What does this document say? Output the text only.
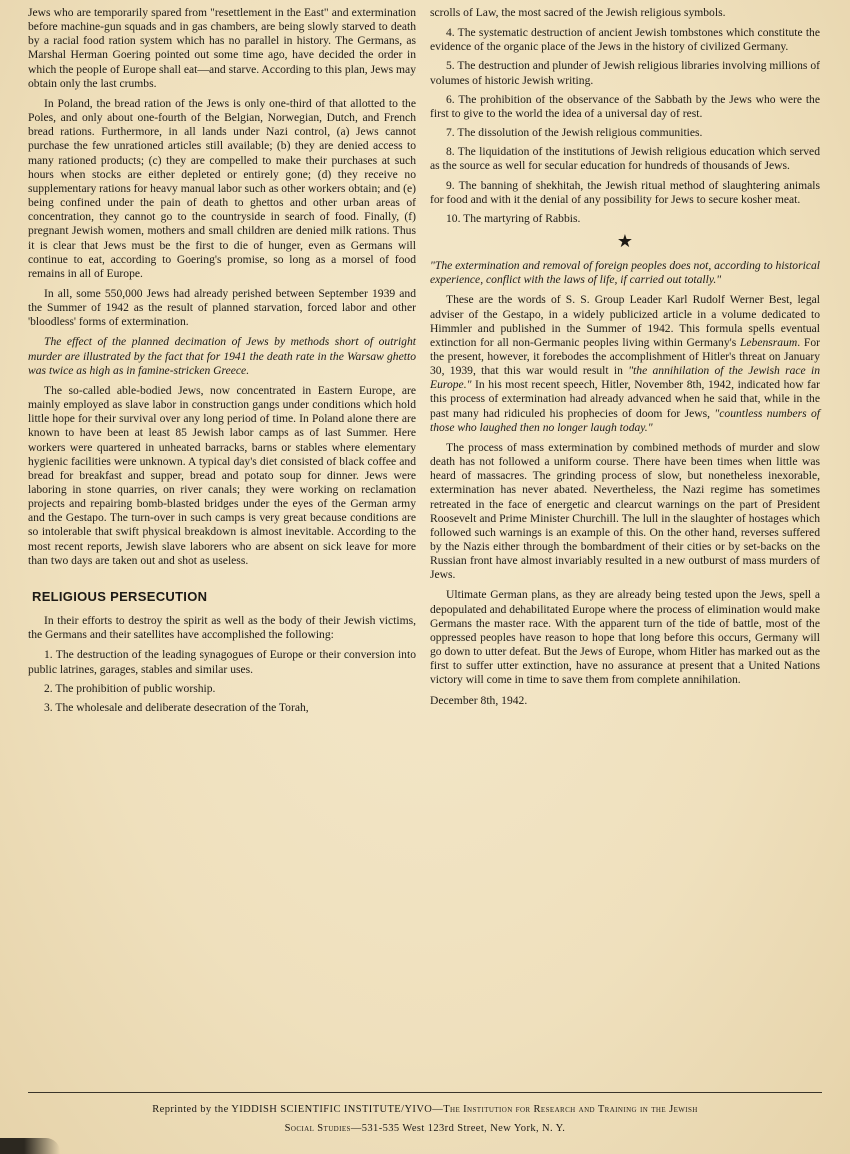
Jews who are temporarily spared from "resettlement in the East" and extermination before machine-gun squads and in gas chambers, are being slowly starved to death by a racial food ration system which has no parallel in history. The Germans, as Marshal Herman Goering pointed out some time ago, have decided the order in which the people of Europe shall eat—and starve. According to this plan, Jews may obtain only the last crumbs.

In Poland, the bread ration of the Jews is only one-third of that allotted to the Poles, and only about one-fourth of the Belgian, Norwegian, Dutch, and French bread rations. Furthermore, in all lands under Nazi control, (a) Jews cannot purchase the few unrationed articles still available; (b) they are denied access to many rationed products; (c) they are compelled to make their purchases at such hours when stocks are either depleted or entirely gone; (d) they receive no supplementary rations for heavy manual labor such as other workers obtain; and (e) being confined under the pain of death to ghettos and other urban areas of concentration, they cannot go to the countryside in search of food. Finally, (f) pregnant Jewish women, mothers and small children are denied milk rations. Thus it is clear that Jews must be the first to die of hunger, even as Germans will continue to eat, according to Goering's promise, so long as a morsel of food remains in all of Europe.

In all, some 550,000 Jews had already perished between September 1939 and the Summer of 1942 as the result of planned starvation, forced labor and other 'bloodless' forms of extermination.

The effect of the planned decimation of Jews by methods short of outright murder are illustrated by the fact that for 1941 the death rate in the Warsaw ghetto was twice as high as in famine-stricken Greece.

The so-called able-bodied Jews, now concentrated in Eastern Europe, are mainly employed as slave labor in construction gangs under conditions which hold little hope for their survival over any long period of time. In Poland alone there are known to have been at least 85 Jewish labor camps as of last Summer. Here workers were quartered in unheated barracks, barns or stables where elementary hygienic facilities were unknown. A typical day's diet consisted of black coffee and bread for breakfast and supper, bread and potato soup for dinner. Jews were laboring in stone quarries, on river canals; they were working on reclamation projects and repairing bomb-blasted bridges under the eyes of the German army and the Gestapo. The turn-over in such camps is very great because conditions are so intolerable that swift physical breakdown is almost inevitable. According to the most recent reports, Jewish slave laborers who are absent on sick leave for more than two days are taken out and shot as useless.

RELIGIOUS PERSECUTION

In their efforts to destroy the spirit as well as the body of their Jewish victims, the Germans and their satellites have accomplished the following:

1. The destruction of the leading synagogues of Europe or their conversion into public latrines, garages, stables and similar uses.

2. The prohibition of public worship.

3. The wholesale and deliberate desecration of the Torah,

scrolls of Law, the most sacred of the Jewish religious symbols.

4. The systematic destruction of ancient Jewish tombstones which constitute the evidence of the organic place of the Jews in the history of civilized Germany.

5. The destruction and plunder of Jewish religious libraries involving millions of volumes of historic Jewish writing.

6. The prohibition of the observance of the Sabbath by the Jews who were the first to give to the world the idea of a universal day of rest.

7. The dissolution of the Jewish religious communities.

8. The liquidation of the institutions of Jewish religious education which served as the source as well for secular education for hundreds of thousands of Jews.

9. The banning of shekhitah, the Jewish ritual method of slaughtering animals for food and with it the denial of any possibility for Jews to secure kosher meat.

10. The martyring of Rabbis.

★

"The extermination and removal of foreign peoples does not, according to historical experience, conflict with the laws of life, if carried out totally."

These are the words of S. S. Group Leader Karl Rudolf Werner Best, legal adviser of the Gestapo, in a widely publicized article in a volume dedicated to Himmler and published in the Summer of 1942. This formula spells eventual extinction for all non-Germanic peoples living within Germany's Lebensraum. For the present, however, it forebodes the accomplishment of Hitler's threat on January 30, 1939, that this war would result in "the annihilation of the Jewish race in Europe." In his most recent speech, Hitler, November 8th, 1942, indicated how far this process of extermination had already advanced when he said that, while in the past many had ridiculed his prophecies of doom for Jews, "countless numbers of those who laughed then no longer laugh today."

The process of mass extermination by combined methods of murder and slow death has not followed a uniform course. There have been times when little was heard of massacres. The grinding process of slow, but nonetheless inexorable, extermination has never abated. Nevertheless, the Nazi regime has sometimes retreated in the face of energetic and clearcut warnings on the part of President Roosevelt and Prime Minister Churchill. The lull in the slaughter of hostages which followed such warnings is an example of this. On the other hand, reverses suffered by the Nazis either through the bombardment of their cities or by set-backs on the Russian front have almost invariably resulted in a new outburst of mass murders of Jews.

Ultimate German plans, as they are already being tested upon the Jews, spell a depopulated and dehabilitated Europe where the process of elimination would make Germans the master race. With the apparent turn of the tide of battle, most of the oppressed peoples have reason to hope that long before this occurs, Germany will go down to utter defeat. But the Jews of Europe, whom Hitler has marked out as the first to suffer utter extinction, have no assurance at present that a United Nations victory will come in time to save them from complete annihilation.

December 8th, 1942.

Reprinted by the YIDDISH SCIENTIFIC INSTITUTE/YIVO—The Institution for Research and Training in the Jewish
Social Studies—531-535 West 123rd Street, New York, N. Y.
